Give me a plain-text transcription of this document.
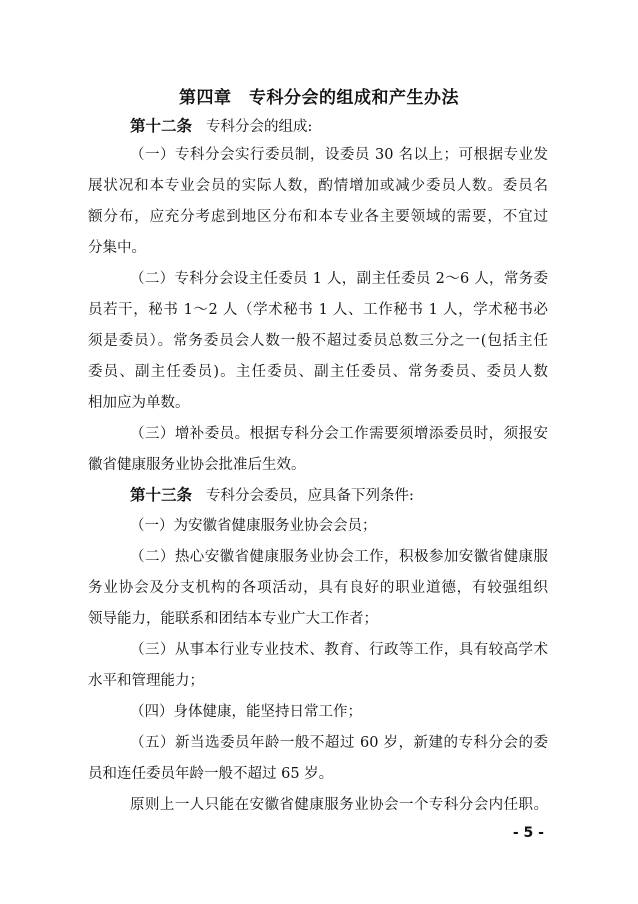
第四章　专科分会的组成和产生办法
第十二条 专科分会的组成:
（一）专科分会实行委员制，设委员 30 名以上；可根据专业发
展状况和本专业会员的实际人数，酌情增加或减少委员人数。委员名
额分布，应充分考虑到地区分布和本专业各主要领域的需要，不宜过
分集中。
（二）专科分会设主任委员 1 人，副主任委员 2～6 人，常务委
员若干，秘书 1～2 人（学术秘书 1 人、工作秘书 1 人，学术秘书必
须是委员）。常务委员会人数一般不超过委员总数三分之一(包括主任
委员、副主任委员)。主任委员、副主任委员、常务委员、委员人数
相加应为单数。
（三）增补委员。根据专科分会工作需要须增添委员时，须报安
徽省健康服务业协会批准后生效。
第十三条 专科分会委员，应具备下列条件:
（一）为安徽省健康服务业协会会员；
（二）热心安徽省健康服务业协会工作，积极参加安徽省健康服
务业协会及分支机构的各项活动，具有良好的职业道德，有较强组织
领导能力，能联系和团结本专业广大工作者；
（三）从事本行业专业技术、教育、行政等工作，具有较高学术
水平和管理能力；
（四）身体健康，能坚持日常工作；
（五）新当选委员年龄一般不超过 60 岁，新建的专科分会的委
员和连任委员年龄一般不超过 65 岁。
原则上一人只能在安徽省健康服务业协会一个专科分会内任职。
- 5 -
